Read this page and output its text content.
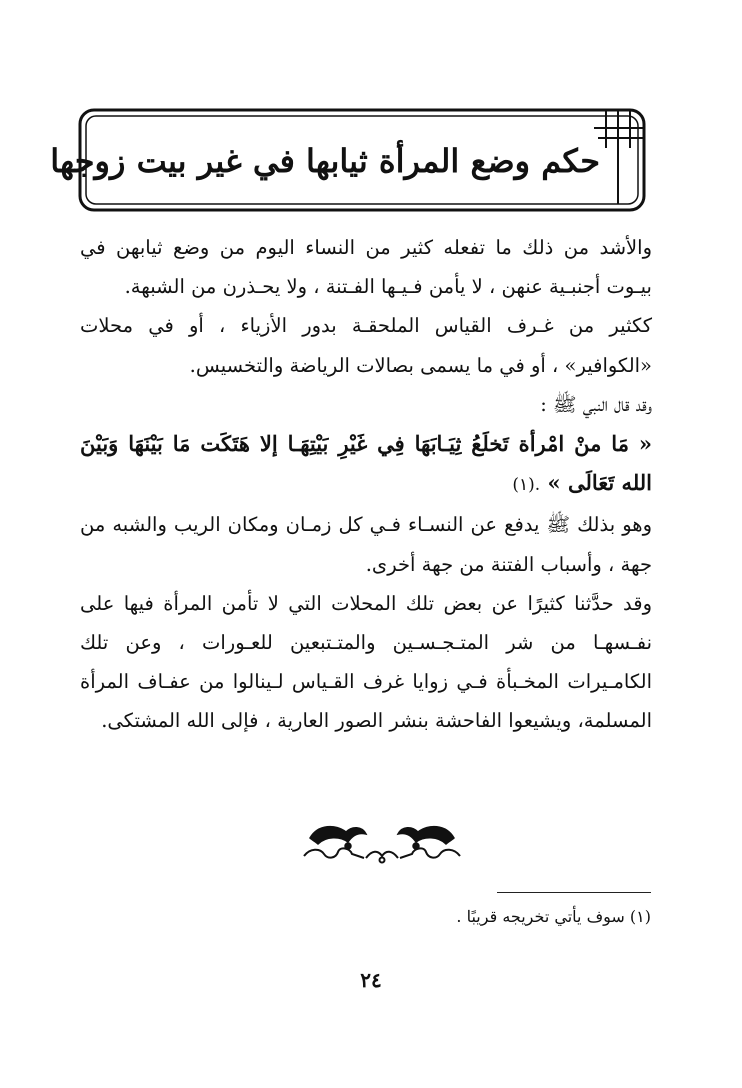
حكم وضع المرأة ثيابها في غير بيت زوجها

والأشد من ذلك ما تفعله كثير من النساء اليوم من وضع ثيابهن في بيـوت أجنبـية عنهن ، لا يأمن فـيـها الفـتنة ، ولا يحـذرن من الشبهة.

ككثير من غـرف القياس الملحقـة بدور الأزياء ، أو في محلات «الكوافير» ، أو في ما يسمى بصالات الرياضة والتخسيس.

وقد قال النبي ﷺ :

« مَا منْ امْرأة تَخلَعُ ثِيَـابَهَا فِي غَيْرِ بَيْتِهَـا إلا هَتَكَت مَا بَيْنَهَا وَبَيْنَ الله تَعَالَى » .(١)

وهو بذلك ﷺ يدفع عن النسـاء فـي كل زمـان ومكان الريب والشبه من جهة ، وأسباب الفتنة من جهة أخرى.

وقد حدَّثنا كثيرًا عن بعض تلك المحلات التي لا تأمن المرأة فيها على نفـسهـا من شر المتـجـسـين والمتـتبعين للعـورات ، وعن تلك الكامـيرات المخـبأة فـي زوايا غرف القـياس لـينالوا من عفـاف المرأة المسلمة، ويشيعوا الفاحشة بنشر الصور العارية ، فإلى الله المشتكى.

(١) سوف يأتي تخريجه قريبًا .
٢٤
